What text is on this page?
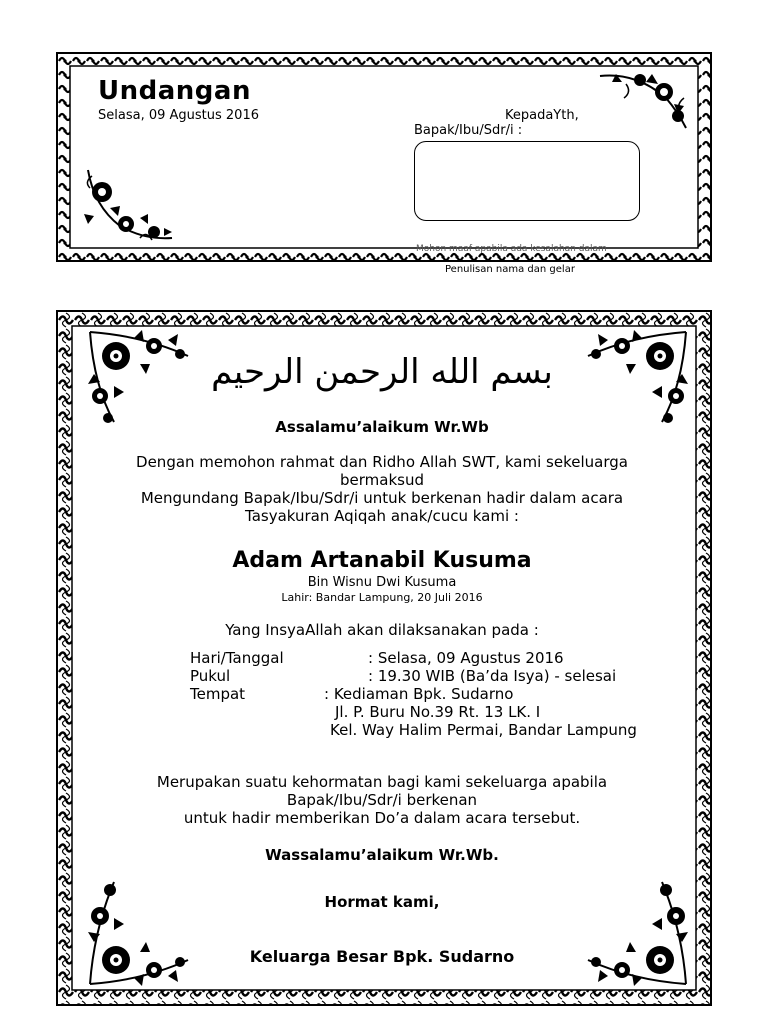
Undangan
Selasa, 09 Agustus 2016	KepadaYth,
Bapak/Ibu/Sdr/i :
Mohon maaf apabila ada kesalahan dalam
Penulisan nama dan gelar
بسم الله الرحمن الرحيم
Assalamu’alaikum Wr.Wb
Dengan memohon rahmat dan Ridho Allah SWT, kami sekeluarga
bermaksud
Mengundang Bapak/Ibu/Sdr/i untuk berkenan hadir dalam acara
Tasyakuran Aqiqah anak/cucu kami :
Adam Artanabil Kusuma
Bin Wisnu Dwi Kusuma
Lahir: Bandar Lampung, 20 Juli 2016
Yang InsyaAllah akan dilaksanakan pada :
Hari/Tanggal	: Selasa, 09 Agustus 2016
Pukul	: 19.30 WIB (Ba’da Isya) - selesai
Tempat	: Kediaman Bpk. Sudarno
Jl. P. Buru No.39 Rt. 13 LK. I
Kel. Way Halim Permai, Bandar Lampung
Merupakan suatu kehormatan bagi kami sekeluarga apabila
Bapak/Ibu/Sdr/i berkenan
untuk hadir memberikan Do’a dalam acara tersebut.
Wassalamu’alaikum Wr.Wb.
Hormat kami,
Keluarga Besar Bpk. Sudarno
